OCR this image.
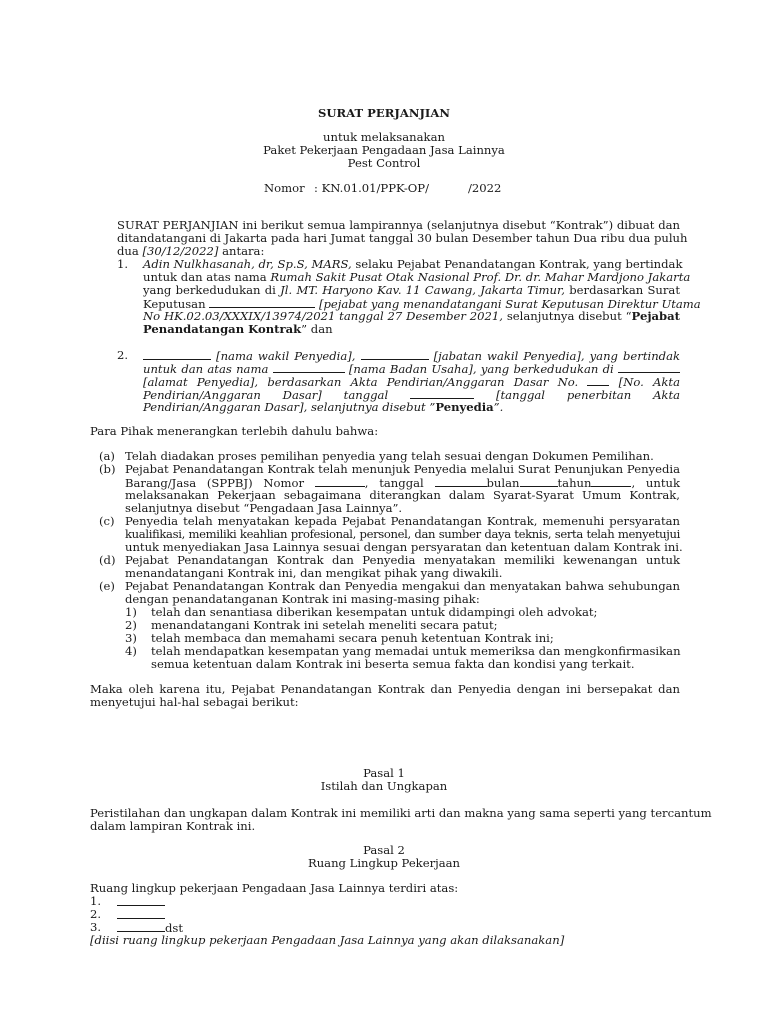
SURAT PERJANJIAN
untuk melaksanakan
Paket Pekerjaan Pengadaan Jasa Lainnya
Pest Control
Nomor : KN.01.01/PPK-OP/	/2022
SURAT PERJANJIAN ini berikut semua lampirannya (selanjutnya disebut “Kontrak”) dibuat dan
ditandatangani di Jakarta pada hari Jumat tanggal 30 bulan Desember tahun Dua ribu dua puluh
dua [30/12/2022] antara:
1. Adin Nulkhasanah, dr, Sp.S, MARS, selaku Pejabat Penandatangan Kontrak, yang bertindak
untuk dan atas nama Rumah Sakit Pusat Otak Nasional Prof. Dr. dr. Mahar Mardjono Jakarta
yang berkedudukan di Jl. MT. Haryono Kav. 11 Cawang, Jakarta Timur, berdasarkan Surat
Keputusan	[pejabat yang menandatangani Surat Keputusan Direktur Utama
No HK.02.03/XXXIX/13974/2021 tanggal 27 Desember 2021, selanjutnya disebut “Pejabat
Penandatangan Kontrak” dan
2.	[nama wakil Penyedia],	[jabatan wakil Penyedia], yang bertindak
untuk dan atas nama	[nama Badan Usaha], yang berkedudukan di
[alamat Penyedia], berdasarkan Akta Pendirian/Anggaran Dasar No.	[No. Akta
Pendirian/Anggaran Dasar] tanggal	[tanggal penerbitan Akta
Pendirian/Anggaran Dasar], selanjutnya disebut ”Penyedia”.
Para Pihak menerangkan terlebih dahulu bahwa:
(a) Telah diadakan proses pemilihan penyedia yang telah sesuai dengan Dokumen Pemilihan.
(b) Pejabat Penandatangan Kontrak telah menunjuk Penyedia melalui Surat Penunjukan Penyedia
Barang/Jasa (SPPBJ) Nomor	, tanggal	bulan	tahun	, untuk
melaksanakan Pekerjaan sebagaimana diterangkan dalam Syarat-Syarat Umum Kontrak,
selanjutnya disebut “Pengadaan Jasa Lainnya”.
(c) Penyedia telah menyatakan kepada Pejabat Penandatangan Kontrak, memenuhi persyaratan
kualifikasi, memiliki keahlian profesional, personel, dan sumber daya teknis, serta telah menyetujui
untuk menyediakan Jasa Lainnya sesuai dengan persyaratan dan ketentuan dalam Kontrak ini.
(d) Pejabat Penandatangan Kontrak dan Penyedia menyatakan memiliki kewenangan untuk
menandatangani Kontrak ini, dan mengikat pihak yang diwakili.
(e) Pejabat Penandatangan Kontrak dan Penyedia mengakui dan menyatakan bahwa sehubungan
dengan penandatanganan Kontrak ini masing-masing pihak:
1) telah dan senantiasa diberikan kesempatan untuk didampingi oleh advokat;
2) menandatangani Kontrak ini setelah meneliti secara patut;
3) telah membaca dan memahami secara penuh ketentuan Kontrak ini;
4) telah mendapatkan kesempatan yang memadai untuk memeriksa dan mengkonfirmasikan
semua ketentuan dalam Kontrak ini beserta semua fakta dan kondisi yang terkait.
Maka oleh karena itu, Pejabat Penandatangan Kontrak dan Penyedia dengan ini bersepakat dan
menyetujui hal-hal sebagai berikut:
Pasal 1
Istilah dan Ungkapan
Peristilahan dan ungkapan dalam Kontrak ini memiliki arti dan makna yang sama seperti yang tercantum
dalam lampiran Kontrak ini.
Pasal 2
Ruang Lingkup Pekerjaan
Ruang lingkup pekerjaan Pengadaan Jasa Lainnya terdiri atas:
1.
2.
3.	dst
[diisi ruang lingkup pekerjaan Pengadaan Jasa Lainnya yang akan dilaksanakan]
